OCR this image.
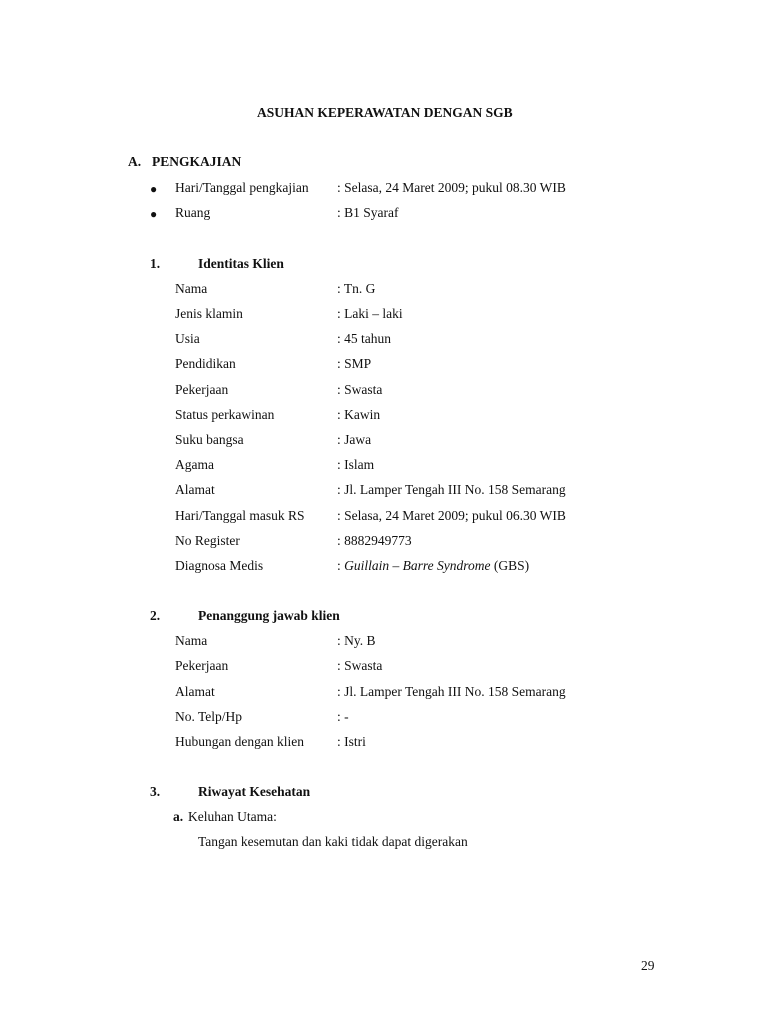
ASUHAN KEPERAWATAN DENGAN SGB
A. PENGKAJIAN
● Hari/Tanggal pengkajian : Selasa, 24 Maret 2009; pukul 08.30 WIB
● Ruang	: B1 Syaraf
1.	Identitas Klien
Nama	: Tn. G
Jenis klamin	: Laki – laki
Usia	: 45 tahun
Pendidikan	: SMP
Pekerjaan	: Swasta
Status perkawinan	: Kawin
Suku bangsa	: Jawa
Agama	: Islam
Alamat	: Jl. Lamper Tengah III No. 158 Semarang
Hari/Tanggal masuk RS : Selasa, 24 Maret 2009; pukul 06.30 WIB
No Register	: 8882949773
Diagnosa Medis	: Guillain – Barre Syndrome (GBS)
2.	Penanggung jawab klien
Nama	: Ny. B
Pekerjaan	: Swasta
Alamat	: Jl. Lamper Tengah III No. 158 Semarang
No. Telp/Hp	: -
Hubungan dengan klien : Istri
3.	Riwayat Kesehatan
a. Keluhan Utama:
Tangan kesemutan dan kaki tidak dapat digerakan
29
